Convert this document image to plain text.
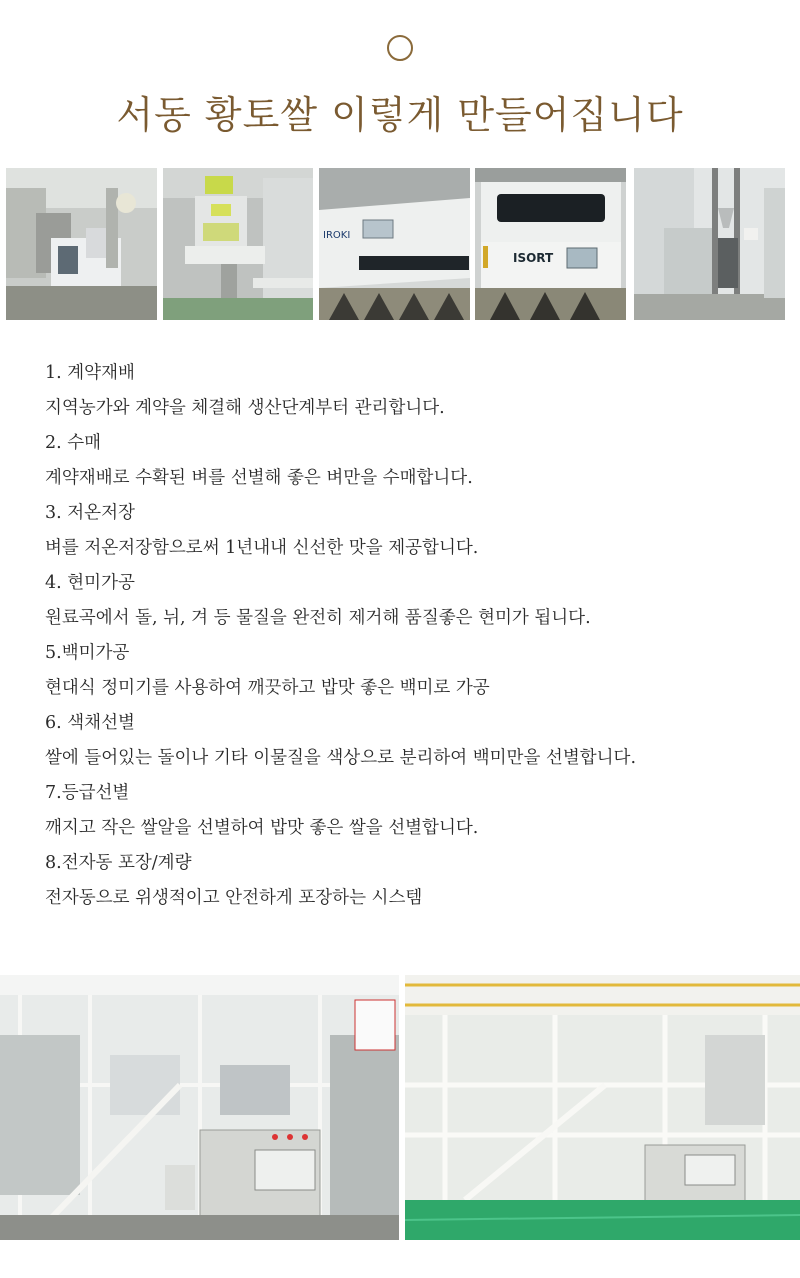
서동 황토쌀 이렇게 만들어집니다
IROKI
ISORT

1. 계약재배

지역농가와 계약을 체결해 생산단계부터 관리합니다.

2. 수매

계약재배로 수확된 벼를 선별해 좋은 벼만을 수매합니다.

3. 저온저장

벼를 저온저장함으로써 1년내내 신선한 맛을 제공합니다.

4. 현미가공

원료곡에서 돌, 뉘, 겨 등 물질을 완전히 제거해 품질좋은 현미가 됩니다.

5.백미가공

현대식 정미기를 사용하여 깨끗하고 밥맛 좋은 백미로 가공

6. 색채선별

쌀에 들어있는 돌이나 기타 이물질을 색상으로 분리하여 백미만을 선별합니다.

7.등급선별

깨지고 작은 쌀알을 선별하여 밥맛 좋은 쌀을 선별합니다.

8.전자동 포장/계량

전자동으로 위생적이고 안전하게 포장하는 시스템
